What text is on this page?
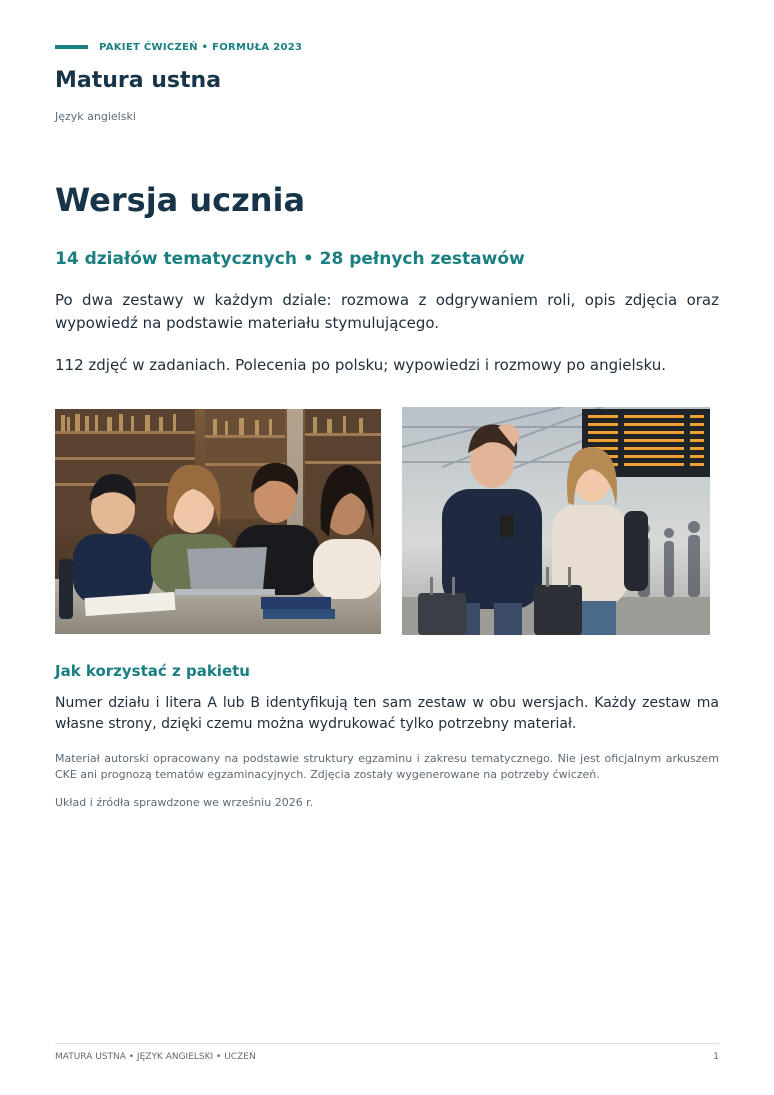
PAKIET ĆWICZEŃ • FORMUŁA 2023
Matura ustna
Język angielski
Wersja ucznia
14 działów tematycznych • 28 pełnych zestawów

Po dwa zestawy w każdym dziale: rozmowa z odgrywaniem roli, opis zdjęcia oraz wypowiedź na podstawie materiału stymulującego.

112 zdjęć w zadaniach. Polecenia po polsku; wypowiedzi i rozmowy po angielsku.

Jak korzystać z pakietu

Numer działu i litera A lub B identyfikują ten sam zestaw w obu wersjach. Każdy zestaw ma własne strony, dzięki czemu można wydrukować tylko potrzebny materiał.

Materiał autorski opracowany na podstawie struktury egzaminu i zakresu tematycznego. Nie jest oficjalnym arkuszem CKE ani prognozą tematów egzaminacyjnych. Zdjęcia zostały wygenerowane na potrzeby ćwiczeń.

Układ i źródła sprawdzone we wrześniu 2026 r.

MATURA USTNA • JĘZYK ANGIELSKI • UCZEŃ	1
